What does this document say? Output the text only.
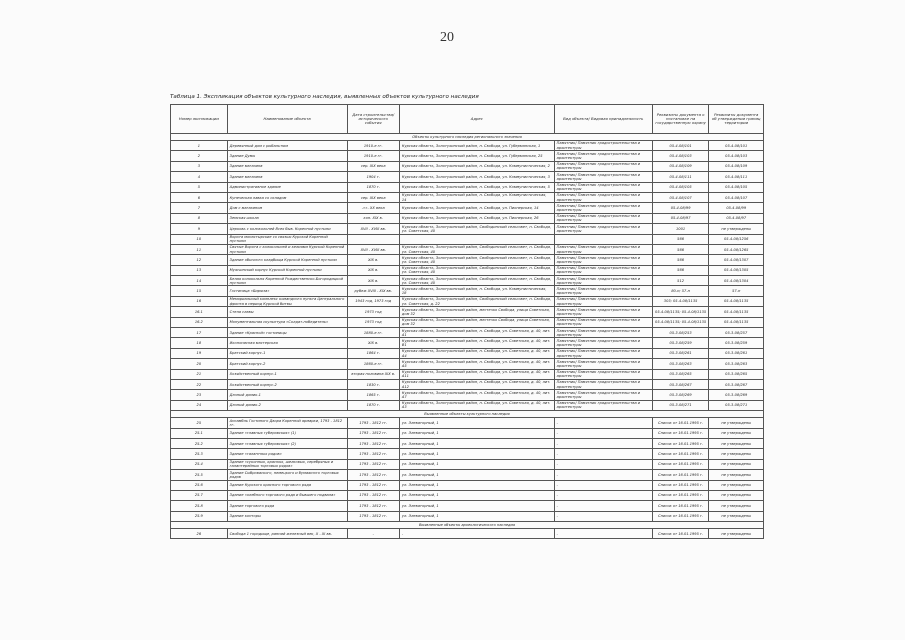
20
Таблица 1. Экспликация объектов культурного наследия, выявленных объектов культурного наследия
Номер экспликации	Наименование объекта	Дата строительства/ исторического события	Адрес	Вид объекта/ Видовая принадлежность	Реквизиты документа о постановке на государственную охрану	Реквизиты документа об утверждении границ территории
Объекты культурного наследия регионального значения						
1	Деревянный дом с рыбальтюм	1910-е гг.	Курская область, Золотухинский район, п. Свобода, ул. Губерманская, 1	Памятник/ Памятник градостроительства и архитектуры	05-4-08/101	05-4-08/101
2	Здание Думы	1910-е гг.	Курская область, Золотухинский район, п. Свобода, ул. Губерманская, 25	Памятник/ Памятник градостроительства и архитектуры	05-4-08/103	05-4-08/103
3	Здание магазина	сер. XIX века	Курская область, Золотухинский район, п. Свобода, ул. Коммунистическая, 2	Памятник/ Памятник градостроительства и архитектуры	05-4-08/109	05-4-08/109
4	Здание магазина	1904 г.	Курская область, Золотухинский район, п. Свобода, ул. Коммунистическая, 3	Памятник/ Памятник градостроительства и архитектуры	05-4-08/111	05-4-08/111
5	Административное здание	1870 г.	Курская область, Золотухинский район, п. Свобода, ул. Коммунистическая, 5	Памятник/ Памятник градостроительства и архитектуры	05-4-08/105	05-4-08/105
6	Купеческая лавка со складом	сер. XIX века	Курская область, Золотухинский район, п. Свобода, ул. Коммунистическая, 14	Памятник/ Памятник градостроительства и архитектуры	05-4-08/107	05-4-08/107
7	Дом с магазином	-«»- XX века	Курская область, Золотухинский район, п. Свобода, ул. Пионерская, 14	Памятник/ Памятник градостроительства и архитектуры	05-4-08/99	05-4-08/99
8	Земская школа	кон. XIX в.	Курская область, Золотухинский район, п. Свобода, ул. Пионерская, 26	Памятник/ Памятник градостроительства и архитектуры	05-4-08/97	05-4-08/97
9	Церковь с колокольней Всех быв. Коренной пустыни	XVII - XVIII вв.	Курская область, Золотухинский район, Свободинский сельсовет, п. Свобода, ул. Советская, 40	Памятник/ Памятник градостроительства и архитектуры	1001	не утверждены
10	Ворота монастырские со связью Курской Коренной пустыни				566	05-4-08/1256
11	Святые Ворота с колокольней и келиями Курской Коренной пустыни	XVII - XVIII вв.	Курская область, Золотухинский район, Свободинский сельсовет, п. Свобода, ул. Советская, 40	Памятник/ Памятник градостроительства и архитектуры	566	05-4-08/1265
12	Здание обычного кладбища Курской Коренной пустыни	XIX в.	Курская область, Золотухинский район, Свободинский сельсовет, п. Свобода, ул. Советская, 40	Памятник/ Памятник градостроительства и архитектуры	566	05-4-08/1307
13	Мужчинский корпус Курской Коренной пустыни	XIX в.	Курская область, Золотухинский район, Свободинский сельсовет, п. Свобода, ул. Советская, 40	Памятник/ Памятник градостроительства и архитектуры	566	05-4-08/1305
14	Белая колокольня Коренной Рождественско-Богородицкой пустыни	XIX в.	Курская область, Золотухинский район, Свободинский сельсовет, п. Свобода, ул. Советская, 40	Памятник/ Памятник градостроительства и архитектуры	512	05-4-08/1304
15	Гостиница «Бирюза»	рубеж XVIII - XIX вв.	Курская область, Золотухинский район, п. Свобода, ул. Коммунистическая, 18	Памятник/ Памятник градостроительства и архитектуры	80-п; 57-п	57-п
16	Мемориальный комплекс командного пункта Центрального фронта в период Курской битвы	1943 год, 1973 год	Курская область, Золотухинский район, Свободинский сельсовет, п. Свобода, ул. Советская, д. 22	Памятник/ Памятник градостроительства и архитектуры	303; 05-4-08/1135	05-4-08/1135
16.1	Стела славы	1973 год	Курская область, Золотухинский район, местечко Свобода, улица Советская, дом 32	Памятник/ Памятник градостроительства и архитектуры	05-4-08/1135; 05-4-08/1135	05-4-08/1135
16.2	Монументальная скульптура «Солдат-победитель»	1973 год	Курская область, Золотухинский район, местечко Свобода, улица Советская, дом 32	Памятник/ Памятник градостроительства и архитектуры	05-4-08/1135; 05-4-08/1135	05-4-08/1135
17	Здание «Красной» гостиницы	1880-е гг.	Курская область, Золотухинский район, п. Свобода, ул. Советская, д. 40, лит. А1	Памятник/ Памятник градостроительства и архитектуры	05-3-08/253	05-3-08/257
18	Иконописная мастерская	XIX в.	Курская область, Золотухинский район, п. Свобода, ул. Советская, д. 40, лит. В1	Памятник/ Памятник градостроительства и архитектуры	05-3-08/259	05-3-08/259
19	Братский корпус-1	1864 г.	Курская область, Золотухинский район, п. Свобода, ул. Советская, д. 40, лит. А4	Памятник/ Памятник градостроительства и архитектуры	05-3-08/261	05-3-08/261
20	Братский корпус-2	1860-е гг.	Курская область, Золотухинский район, п. Свобода, ул. Советская, д. 40, лит. А5	Памятник/ Памятник градостроительства и архитектуры	05-3-08/263	05-3-08/263
21	Хозяйственный корпус-1	вторая половина XIX в.	Курская область, Золотухинский район, п. Свобода, ул. Советская, д. 40, лит. А11	Памятник/ Памятник градостроительства и архитектуры	05-3-08/265	05-3-08/265
22	Хозяйственный корпус-2	1830 г.	Курская область, Золотухинский район, п. Свобода, ул. Советская, д. 40, лит. А12	Памятник/ Памятник градостроительства и архитектуры	05-3-08/267	05-3-08/267
23	Дачный домик-1	1865 г.	Курская область, Золотухинский район, п. Свобода, ул. Советская, д. 40, лит. А7	Памятник/ Памятник градостроительства и архитектуры	05-3-08/269	05-3-08/269
24	Дачный домик-2	1870 г.	Курская область, Золотухинский район, п. Свобода, ул. Советская, д. 40, лит. А3	Памятник/ Памятник градостроительства и архитектуры	05-3-08/271	05-3-08/271
Выявленные объекты культурного наследия						
25	Ансамбль Гостиного Двора Коренной ярмарки, 1793 - 1812 гг.	1793 - 1812 гг.	ул. Элеваторный, 1	-	Список от 16.01.1995 г.	не утверждены
25.1	Здание «главных губеровских» (1)	1793 - 1812 гг.	ул. Элеваторный, 1	-	Список от 16.01.1995 г.	не утверждены
25.2	Здание «главных губеровских» (2)	1793 - 1812 гг.	ул. Элеваторный, 1	-	Список от 16.01.1995 г.	не утверждены
25.3	Здание «галантных рядов»	1793 - 1812 гг.	ул. Элеваторный, 1	-	Список от 16.01.1995 г.	не утверждены
25.4	Здание «суконных, красных, шелковых, серебряных и галантерейных торговых рядов»	1793 - 1812 гг.	ул. Элеваторный, 1	-	Список от 16.01.1995 г.	не утверждены
25.5	Здание Сыброваского, немецкого и бумажного торговых рядов	1793 - 1812 гг.	ул. Элеваторный, 1	-	Список от 16.01.1995 г.	не утверждены
25.6	Здание Курского красного торгового ряда	1793 - 1812 гг.	ул. Элеваторный, 1	-	Список от 16.01.1995 г.	не утверждены
25.7	Здание «хлебного торгового ряда и бывшего подвала»	1793 - 1812 гг.	ул. Элеваторный, 1	-	Список от 16.01.1995 г.	не утверждены
25.8	Здание торгового ряда	1793 - 1812 гг.	ул. Элеваторный, 1	-	Список от 16.01.1995 г.	не утверждены
25.9	Здание конторы	1793 - 1812 гг.	ул. Элеваторный, 1	-	Список от 16.01.1995 г.	не утверждены
Выявленные объекты археологического наследия						
26	Свобода 1 городище, ранний железный век, X - XI вв.	-	-	-	Список от 16.01.1995 г.	не утверждены
